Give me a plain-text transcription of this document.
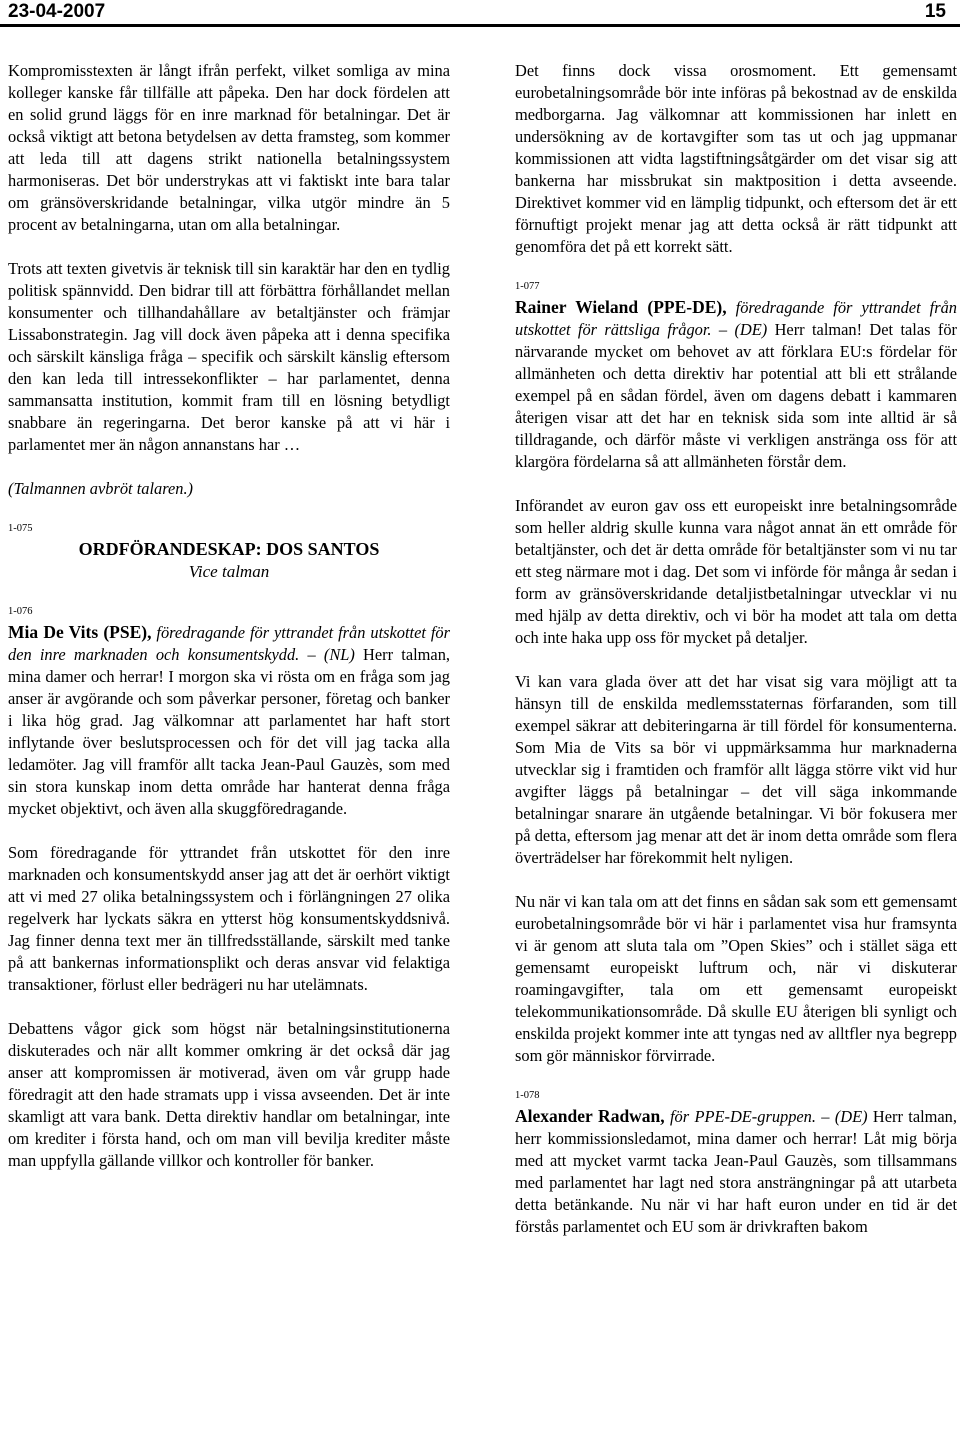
23-04-2007	15

Kompromisstexten är långt ifrån perfekt, vilket somliga av mina kolleger kanske får tillfälle att påpeka. Den har dock fördelen att en solid grund läggs för en inre marknad för betalningar. Det är också viktigt att betona betydelsen av detta framsteg, som kommer att leda till att dagens strikt nationella betalningssystem harmoniseras. Det bör understrykas att vi faktiskt inte bara talar om gränsöverskridande betalningar, vilka utgör mindre än 5 procent av betalningarna, utan om alla betalningar.

Trots att texten givetvis är teknisk till sin karaktär har den en tydlig politisk spännvidd. Den bidrar till att förbättra förhållandet mellan konsumenter och tillhandahållare av betaltjänster och främjar Lissabonstrategin. Jag vill dock även påpeka att i denna specifika och särskilt känsliga fråga – specifik och särskilt känslig eftersom den kan leda till intressekonflikter – har parlamentet, denna sammansatta institution, kommit fram till en lösning betydligt snabbare än regeringarna. Det beror kanske på att vi här i parlamentet mer än någon annanstans har …

(Talmannen avbröt talaren.)
1-075
ORDFÖRANDESKAP: DOS SANTOS
Vice talman
1-076

Mia De Vits (PSE), föredragande för yttrandet från utskottet för den inre marknaden och konsumentskydd. – (NL) Herr talman, mina damer och herrar! I morgon ska vi rösta om en fråga som jag anser är avgörande och som påverkar personer, företag och banker i lika hög grad. Jag välkomnar att parlamentet har haft stort inflytande över beslutsprocessen och för det vill jag tacka alla ledamöter. Jag vill framför allt tacka Jean-Paul Gauzès, som med sin stora kunskap inom detta område har hanterat denna fråga mycket objektivt, och även alla skuggföredragande.

Som föredragande för yttrandet från utskottet för den inre marknaden och konsumentskydd anser jag att det är oerhört viktigt att vi med 27 olika betalningssystem och i förlängningen 27 olika regelverk har lyckats säkra en ytterst hög konsumentskyddsnivå. Jag finner denna text mer än tillfredsställande, särskilt med tanke på att bankernas informationsplikt och deras ansvar vid felaktiga transaktioner, förlust eller bedrägeri nu har utelämnats.

Debattens vågor gick som högst när betalningsinstitutionerna diskuterades och när allt kommer omkring är det också där jag anser att kompromissen är motiverad, även om vår grupp hade föredragit att den hade stramats upp i vissa avseenden. Det är inte skamligt att vara bank. Detta direktiv handlar om betalningar, inte om krediter i första hand, och om man vill bevilja krediter måste man uppfylla gällande villkor och kontroller för banker.

Det finns dock vissa orosmoment. Ett gemensamt eurobetalningsområde bör inte införas på bekostnad av de enskilda medborgarna. Jag välkomnar att kommissionen har inlett en undersökning av de kortavgifter som tas ut och jag uppmanar kommissionen att vidta lagstiftningsåtgärder om det visar sig att bankerna har missbrukat sin maktposition i detta avseende. Direktivet kommer vid en lämplig tidpunkt, och eftersom det är ett förnuftigt projekt menar jag att detta också är rätt tidpunkt att genomföra det på ett korrekt sätt.

1-077

Rainer Wieland (PPE-DE), föredragande för yttrandet från utskottet för rättsliga frågor. – (DE) Herr talman! Det talas för närvarande mycket om behovet av att förklara EU:s fördelar för allmänheten och detta direktiv har potential att bli ett strålande exempel på en sådan fördel, även om dagens debatt i kammaren återigen visar att det har en teknisk sida som inte alltid är så tilldragande, och därför måste vi verkligen anstränga oss för att klargöra fördelarna så att allmänheten förstår dem.

Införandet av euron gav oss ett europeiskt inre betalningsområde som heller aldrig skulle kunna vara något annat än ett område för betaltjänster, och det är detta område för betaltjänster som vi nu tar ett steg närmare mot i dag. Det som vi införde för många år sedan i form av gränsöverskridande detaljistbetalningar utvecklar vi nu med hjälp av detta direktiv, och vi bör ha modet att tala om detta och inte haka upp oss för mycket på detaljer.

Vi kan vara glada över att det har visat sig vara möjligt att ta hänsyn till de enskilda medlemsstaternas förfaranden, som till exempel säkrar att debiteringarna är till fördel för konsumenterna. Som Mia de Vits sa bör vi uppmärksamma hur marknaderna utvecklar sig i framtiden och framför allt lägga större vikt vid hur avgifter läggs på betalningar – det vill säga inkommande betalningar snarare än utgående betalningar. Vi bör fokusera mer på detta, eftersom jag menar att det är inom detta område som flera överträdelser har förekommit helt nyligen.

Nu när vi kan tala om att det finns en sådan sak som ett gemensamt eurobetalningsområde bör vi här i parlamentet visa hur framsynta vi är genom att sluta tala om ”Open Skies” och i stället säga ett gemensamt europeiskt luftrum och, när vi diskuterar roamingavgifter, tala om ett gemensamt europeiskt telekommunikationsområde. Då skulle EU återigen bli synligt och enskilda projekt kommer inte att tyngas ned av alltfler nya begrepp som gör människor förvirrade.

1-078

Alexander Radwan, för PPE-DE-gruppen. – (DE) Herr talman, herr kommissionsledamot, mina damer och herrar! Låt mig börja med att mycket varmt tacka Jean-Paul Gauzès, som tillsammans med parlamentet har lagt ned stora ansträngningar på att utarbeta detta betänkande. Nu när vi har haft euron under en tid är det förstås parlamentet och EU som är drivkraften bakom
